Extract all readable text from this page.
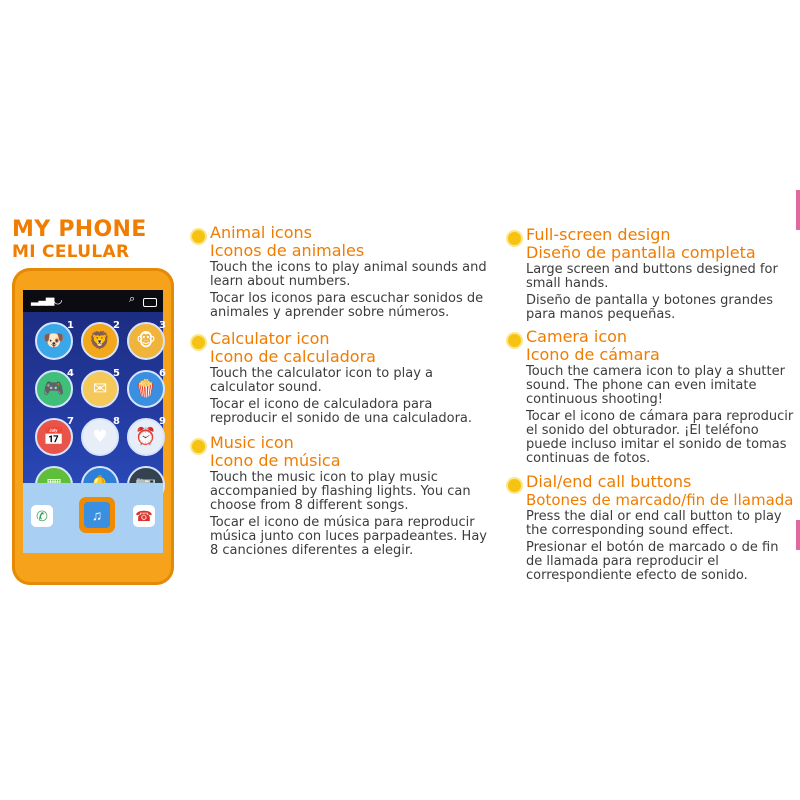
MY PHONE
MI CELULAR
▂▃▅ ◡	⌕
🐶
1
🦁
2
🐵
3
🎮
4
✉
5
🍿
6
📅
7
♥
8
⏰
9
✆	♫ ☎
Animal icons
Iconos de animales
Touch the icons to play animal sounds and learn about numbers.
Tocar los iconos para escuchar sonidos de animales y aprender sobre números.
Calculator icon
Icono de calculadora
Touch the calculator icon to play a calculator sound.
Tocar el icono de calculadora para reproducir el sonido de una calculadora.
Music icon
Icono de música
Touch the music icon to play music accompanied by flashing lights. You can choose from 8 different songs.
Tocar el icono de música para reproducir música junto con luces parpadeantes. Hay 8 canciones diferentes a elegir.
Full-screen design
Diseño de pantalla completa
Large screen and buttons designed for small hands.
Diseño de pantalla y botones grandes para manos pequeñas.
Camera icon
Icono de cámara
Touch the camera icon to play a shutter sound. The phone can even imitate continuous shooting!
Tocar el icono de cámara para reproducir el sonido del obturador. ¡El teléfono puede incluso imitar el sonido de tomas continuas de fotos.
Dial/end call buttons
Botones de marcado/fin de llamada
Press the dial or end call button to play the corresponding sound effect.
Presionar el botón de marcado o de fin de llamada para reproducir el correspondiente efecto de sonido.
